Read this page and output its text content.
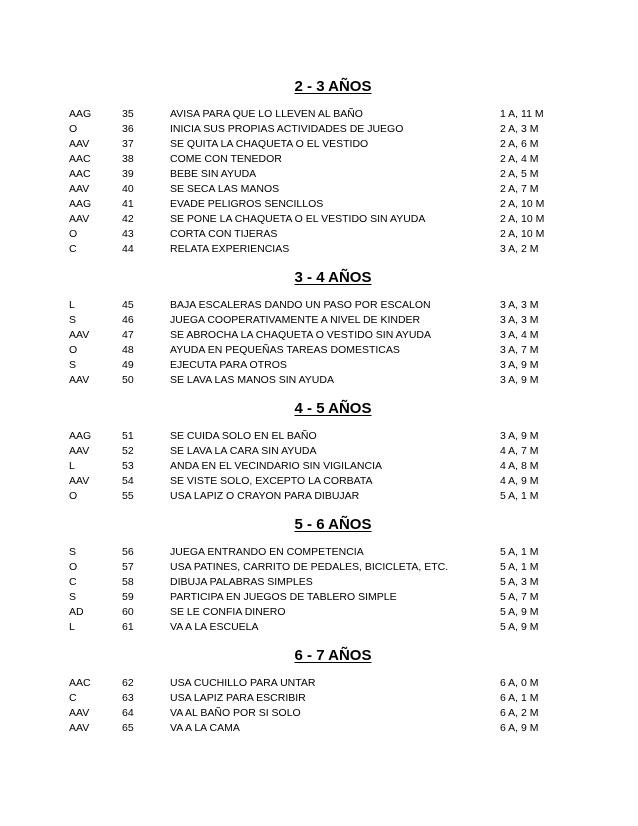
2 - 3 AÑOS
AAG	35	AVISA PARA QUE LO LLEVEN AL BAÑO	1 A, 11 M
O	36	INICIA SUS PROPIAS ACTIVIDADES DE JUEGO	2 A, 3 M
AAV	37	SE QUITA LA CHAQUETA O EL VESTIDO	2 A, 6 M
AAC	38	COME CON TENEDOR	2 A, 4 M
AAC	39	BEBE SIN AYUDA	2 A, 5 M
AAV	40	SE SECA LAS MANOS	2 A, 7 M
AAG	41	EVADE PELIGROS SENCILLOS	2 A, 10 M
AAV	42	SE PONE LA CHAQUETA O EL VESTIDO SIN AYUDA	2 A, 10 M
O	43	CORTA CON TIJERAS	2 A, 10 M
C	44	RELATA EXPERIENCIAS	3 A, 2 M
3 - 4 AÑOS
L	45	BAJA ESCALERAS DANDO UN PASO POR ESCALON	3 A, 3 M
S	46	JUEGA COOPERATIVAMENTE A NIVEL DE KINDER	3 A, 3 M
AAV	47	SE ABROCHA LA CHAQUETA O VESTIDO SIN AYUDA	3 A, 4 M
O	48	AYUDA EN PEQUEÑAS TAREAS DOMESTICAS	3 A, 7 M
S	49	EJECUTA PARA OTROS	3 A, 9 M
AAV	50	SE LAVA LAS MANOS SIN AYUDA	3 A, 9 M
4 - 5 AÑOS
AAG	51	SE CUIDA SOLO EN EL BAÑO	3 A, 9 M
AAV	52	SE LAVA LA CARA SIN AYUDA	4 A, 7 M
L	53	ANDA EN EL VECINDARIO SIN VIGILANCIA	4 A, 8 M
AAV	54	SE VISTE SOLO, EXCEPTO LA CORBATA	4 A, 9 M
O	55	USA LAPIZ O CRAYON PARA DIBUJAR	5 A, 1 M
5 - 6 AÑOS
S	56	JUEGA ENTRANDO EN COMPETENCIA	5 A, 1 M
O	57	USA PATINES, CARRITO DE PEDALES, BICICLETA, ETC.	5 A, 1 M
C	58	DIBUJA PALABRAS SIMPLES	5 A, 3 M
S	59	PARTICIPA EN JUEGOS DE TABLERO SIMPLE	5 A, 7 M
AD	60	SE LE CONFIA DINERO	5 A, 9 M
L	61	VA A LA ESCUELA	5 A, 9 M
6 - 7 AÑOS
AAC	62	USA CUCHILLO PARA UNTAR	6 A, 0 M
C	63	USA LAPIZ PARA ESCRIBIR	6 A, 1 M
AAV	64	VA AL BAÑO POR SI SOLO	6 A, 2 M
AAV	65	VA A LA CAMA	6 A, 9 M
